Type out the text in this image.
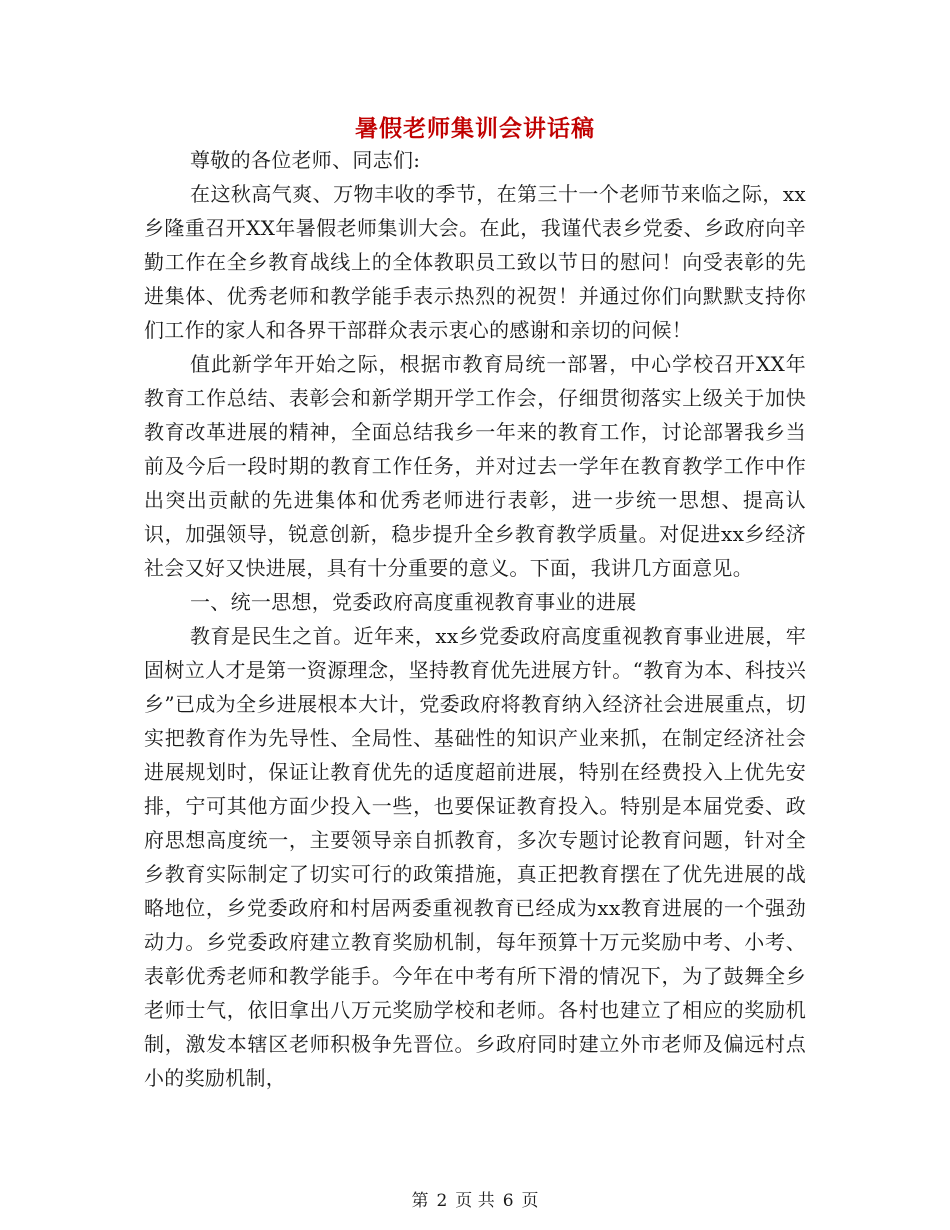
暑假老师集训会讲话稿

尊敬的各位老师、同志们:

在这秋高气爽、万物丰收的季节，在第三十一个老师节来临之际，xx乡隆重召开XX年暑假老师集训大会。在此，我谨代表乡党委、乡政府向辛勤工作在全乡教育战线上的全体教职员工致以节日的慰问！向受表彰的先进集体、优秀老师和教学能手表示热烈的祝贺！并通过你们向默默支持你们工作的家人和各界干部群众表示衷心的感谢和亲切的问候！

值此新学年开始之际，根据市教育局统一部署，中心学校召开XX年教育工作总结、表彰会和新学期开学工作会，仔细贯彻落实上级关于加快教育改革进展的精神，全面总结我乡一年来的教育工作，讨论部署我乡当前及今后一段时期的教育工作任务，并对过去一学年在教育教学工作中作出突出贡献的先进集体和优秀老师进行表彰，进一步统一思想、提高认识，加强领导，锐意创新，稳步提升全乡教育教学质量。对促进xx乡经济社会又好又快进展，具有十分重要的意义。下面，我讲几方面意见。

一、统一思想，党委政府高度重视教育事业的进展

教育是民生之首。近年来，xx乡党委政府高度重视教育事业进展，牢固树立人才是第一资源理念，坚持教育优先进展方针。“教育为本、科技兴乡”已成为全乡进展根本大计，党委政府将教育纳入经济社会进展重点，切实把教育作为先导性、全局性、基础性的知识产业来抓，在制定经济社会进展规划时，保证让教育优先的适度超前进展，特别在经费投入上优先安排，宁可其他方面少投入一些，也要保证教育投入。特别是本届党委、政府思想高度统一，主要领导亲自抓教育，多次专题讨论教育问题，针对全乡教育实际制定了切实可行的政策措施，真正把教育摆在了优先进展的战略地位，乡党委政府和村居两委重视教育已经成为xx教育进展的一个强劲动力。乡党委政府建立教育奖励机制，每年预算十万元奖励中考、小考、表彰优秀老师和教学能手。今年在中考有所下滑的情况下，为了鼓舞全乡老师士气，依旧拿出八万元奖励学校和老师。各村也建立了相应的奖励机制，激发本辖区老师积极争先晋位。乡政府同时建立外市老师及偏远村点小的奖励机制，

第 2 页 共 6 页
